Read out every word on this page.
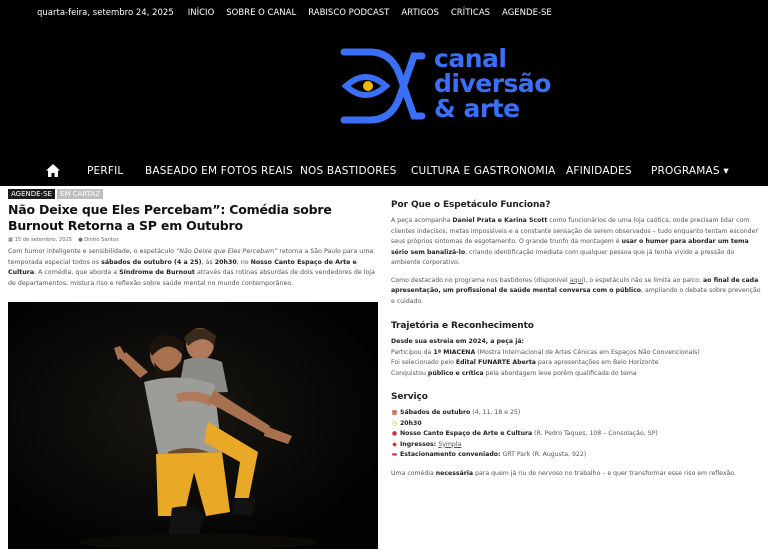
quarta-feira, setembro 24, 2025 INÍCIO SOBRE O CANAL RABISCO PODCAST ARTIGOS CRÍTICAS AGENDE-SE
canal
diversão
& arte
PERFIL BASEADO EM FOTOS REAIS NOS BASTIDORES CULTURA E GASTRONOMIA AFINIDADES PROGRAMAS ▾
AGENDE-SE	EM CARTAZ
Não Deixe que Eles Percebam”: Comédia sobre Burnout Retorna a SP em Outubro
▦ 15 de setembro, 2025 ● Dinho Santos

Com humor inteligente e sensibilidade, o espetáculo “Não Deixe que Eles Percebam” retorna a São Paulo para uma temporada especial todos os sábados de outubro (4 a 25), às 20h30, no Nosso Canto Espaço de Arte e Cultura. A comédia, que aborda a Síndrome de Burnout através das rotinas absurdas de dois vendedores de loja de departamentos, mistura riso e reflexão sobre saúde mental no mundo contemporâneo.

Por Que o Espetáculo Funciona?

A peça acompanha Daniel Prata e Karina Scott como funcionários de uma loja caótica, onde precisam lidar com clientes indecisos, metas impossíveis e a constante sensação de serem observados – tudo enquanto tentam esconder seus próprios sintomas de esgotamento. O grande trunfo da montagem é usar o humor para abordar um tema sério sem banalizá-lo, criando identificação imediata com qualquer pessoa que já tenha vivido a pressão do ambiente corporativo.

Como destacado no programa nos bastidores (disponível aqui), o espetáculo não se limita ao palco: ao final de cada apresentação, um profissional de saúde mental conversa com o público, ampliando o debate sobre prevenção e cuidado.

Trajetória e Reconhecimento
Desde sua estreia em 2024, a peça já:
Participou da 1ª MIACENA (Mostra Internacional de Artes Cênicas em Espaços Não Convencionais)
Foi selecionado pelo Edital FUNARTE Aberta para apresentações em Belo Horizonte
Conquistou público e crítica pela abordagem leve porém qualificada do tema
Serviço
▦ Sábados de outubro (4, 11, 18 e 25)
◷ 20h30
● Nosso Canto Espaço de Arte e Cultura (R. Pedro Taques, 108 – Consolação, SP)
◆ Ingressos: Sympla
▬ Estacionamento conveniado: GRT Park (R. Augusta, 922)

Uma comédia necessária para quem já riu de nervoso no trabalho – e quer transformar esse riso em reflexão.
